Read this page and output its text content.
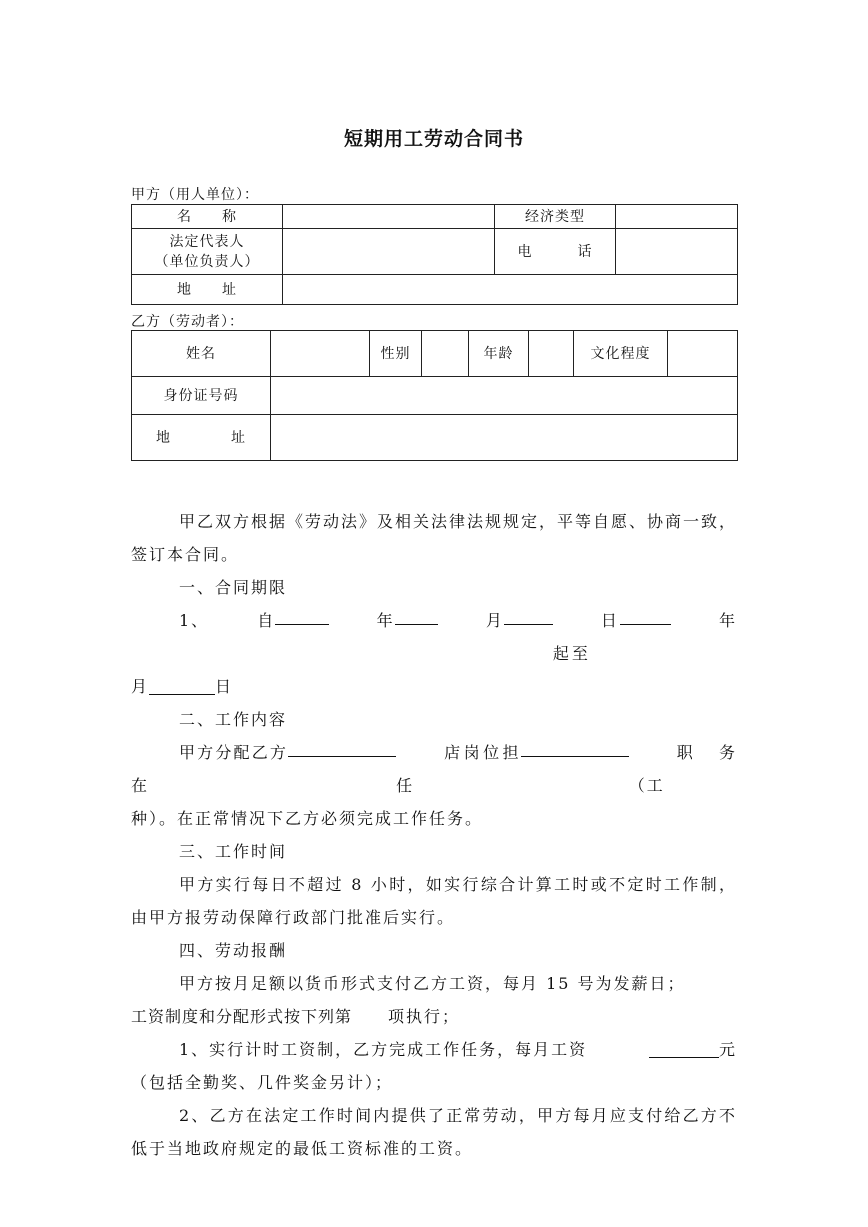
短期用工劳动合同书
甲方（用人单位）：
名　　称		经济类型	

法定代表人
（单位负责人）		电　　　话	
地　　址			
乙方（劳动者）：
姓名		性别		年龄		文化程度	
身份证号码							
地　　　　址							

甲乙双方根据《劳动法》及相关法律法规规定，平等自愿、协商一致，签订本合同。

一、合同期限

1、	自	年	月	日起至
年

月	日

二、工作内容

甲方分配乙方在
店岗位担任
职务（工

种）。在正常情况下乙方必须完成工作任务。

三、工作时间

甲方实行每日不超过 8 小时，如实行综合计算工时或不定时工作制，由甲方报劳动保障行政部门批准后实行。

四、劳动报酬

甲方按月足额以货币形式支付乙方工资，每月 15 号为发薪日；

工资制度和分配形式按下列第 项执行；

1、实行计时工资制，乙方完成工作任务，每月工资	元

（包括全勤奖、几件奖金另计）；

2、乙方在法定工作时间内提供了正常劳动，甲方每月应支付给乙方不低于当地政府规定的最低工资标准的工资。
